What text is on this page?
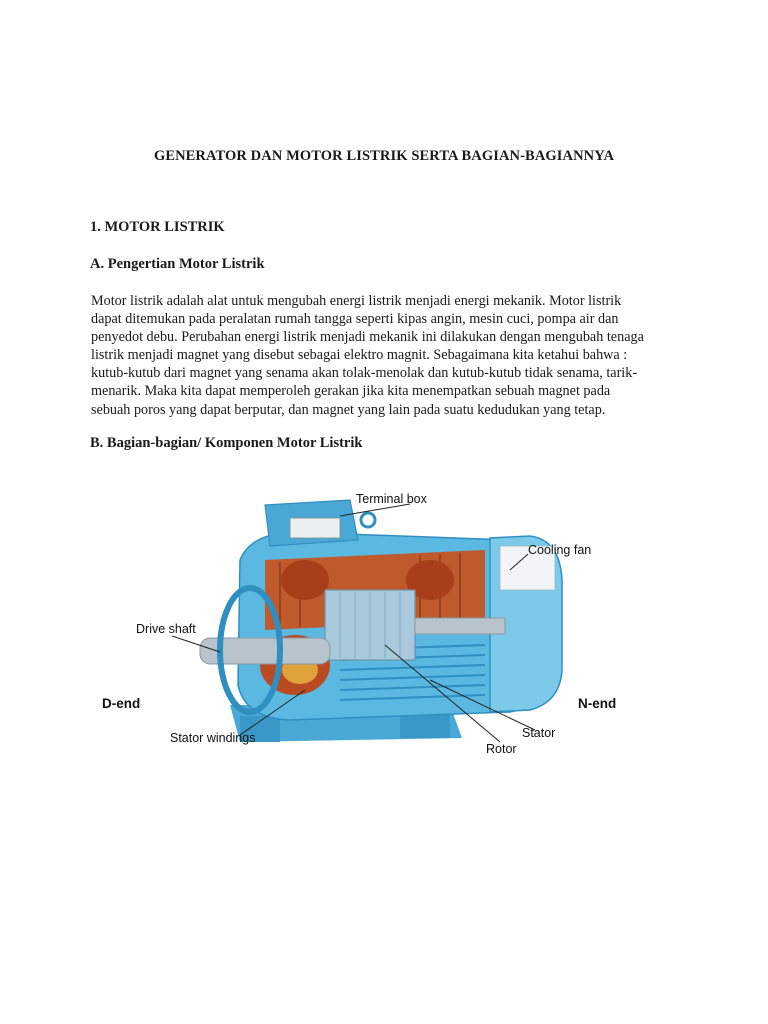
GENERATOR DAN MOTOR LISTRIK SERTA BAGIAN-BAGIANNYA
1. MOTOR LISTRIK
A. Pengertian Motor Listrik

Motor listrik adalah alat untuk mengubah energi listrik menjadi energi mekanik. Motor listrik
dapat ditemukan pada peralatan rumah tangga seperti kipas angin, mesin cuci, pompa air dan
penyedot debu. Perubahan energi listrik menjadi mekanik ini dilakukan dengan mengubah tenaga
listrik menjadi magnet yang disebut sebagai elektro magnit. Sebagaimana kita ketahui bahwa :
kutub-kutub dari magnet yang senama akan tolak-menolak dan kutub-kutub tidak senama, tarik-
menarik. Maka kita dapat memperoleh gerakan jika kita menempatkan sebuah magnet pada
sebuah poros yang dapat berputar, dan magnet yang lain pada suatu kedudukan yang tetap.

B. Bagian-bagian/ Komponen Motor Listrik
Terminal box
Cooling fan
Drive shaft
D-end	N-end
Stator windings	Stator
Rotor
